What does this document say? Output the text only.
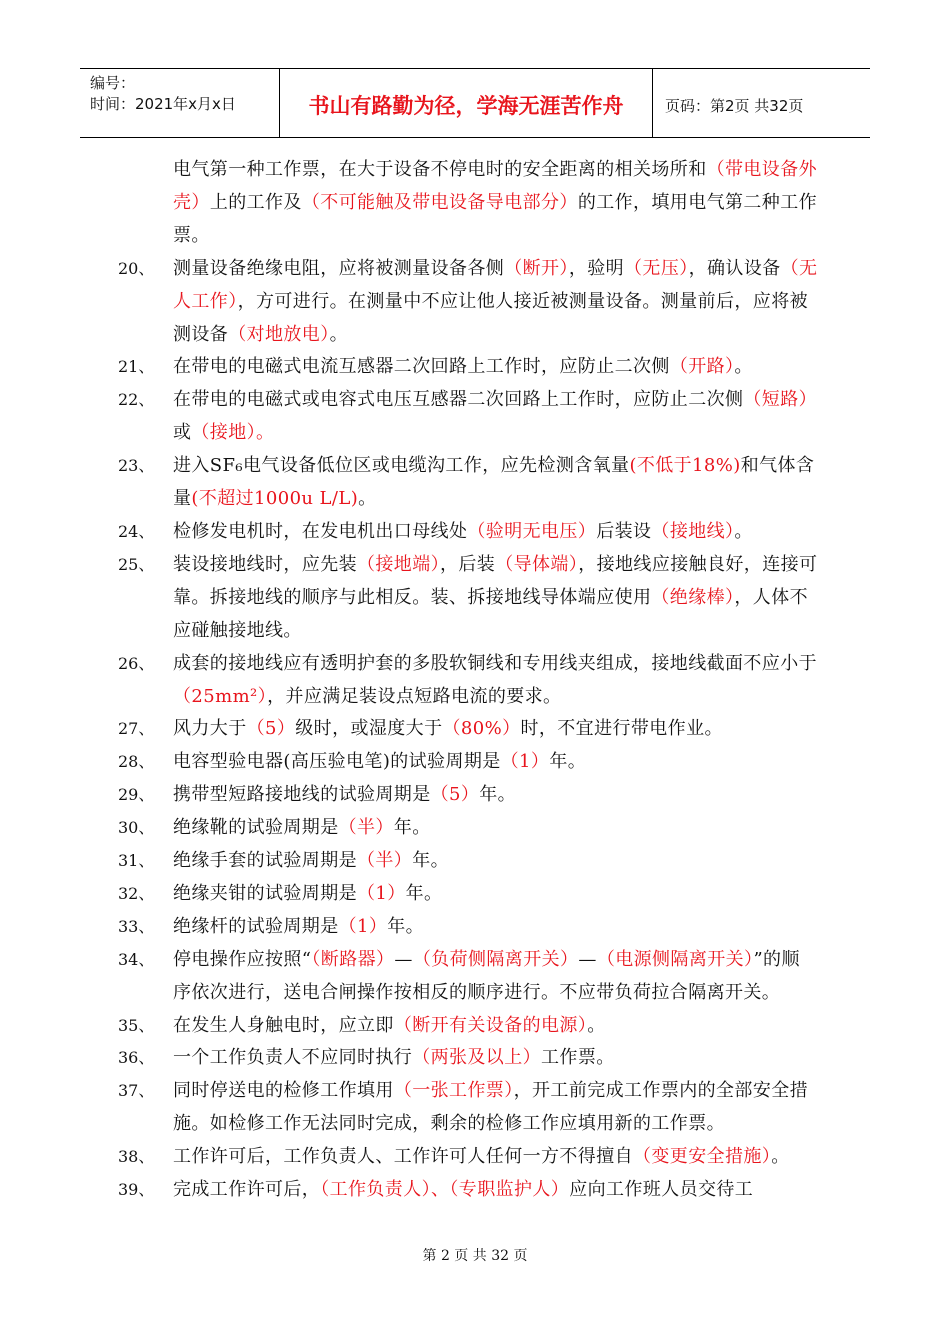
编号：
时间：2021年x月x日	书山有路勤为径，学海无涯苦作舟	页码：第2页 共32页
电气第一种工作票，在大于设备不停电时的安全距离的相关场所和（带电设备外壳）上的工作及（不可能触及带电设备导电部分）的工作，填用电气第二种工作票。
20、	测量设备绝缘电阻，应将被测量设备各侧（断开），验明（无压），确认设备（无人工作），方可进行。在测量中不应让他人接近被测量设备。测量前后，应将被测设备（对地放电）。
21、	在带电的电磁式电流互感器二次回路上工作时，应防止二次侧（开路）。
22、	在带电的电磁式或电容式电压互感器二次回路上工作时，应防止二次侧（短路）或（接地）。
23、	进入SF₆电气设备低位区或电缆沟工作，应先检测含氧量(不低于18%)和气体含量(不超过1000u L/L)。
24、	检修发电机时，在发电机出口母线处（验明无电压）后装设（接地线）。
25、	装设接地线时，应先装（接地端），后装（导体端），接地线应接触良好，连接可靠。拆接地线的顺序与此相反。装、拆接地线导体端应使用（绝缘棒），人体不应碰触接地线。
26、	成套的接地线应有透明护套的多股软铜线和专用线夹组成，接地线截面不应小于（25mm²），并应满足装设点短路电流的要求。
27、	风力大于（5）级时，或湿度大于（80%）时，不宜进行带电作业。
28、	电容型验电器(高压验电笔)的试验周期是（1）年。
29、	携带型短路接地线的试验周期是（5）年。
30、	绝缘靴的试验周期是（半）年。
31、	绝缘手套的试验周期是（半）年。
32、	绝缘夹钳的试验周期是（1）年。
33、	绝缘杆的试验周期是（1）年。
34、	停电操作应按照“（断路器）—（负荷侧隔离开关）—（电源侧隔离开关）”的顺序依次进行，送电合闸操作按相反的顺序进行。不应带负荷拉合隔离开关。
35、	在发生人身触电时，应立即（断开有关设备的电源）。
36、	一个工作负责人不应同时执行（两张及以上）工作票。
37、	同时停送电的检修工作填用（一张工作票），开工前完成工作票内的全部安全措施。如检修工作无法同时完成，剩余的检修工作应填用新的工作票。
38、	工作许可后，工作负责人、工作许可人任何一方不得擅自（变更安全措施）。
39、	完成工作许可后，（工作负责人）、（专职监护人）应向工作班人员交待工
第 2 页 共 32 页
